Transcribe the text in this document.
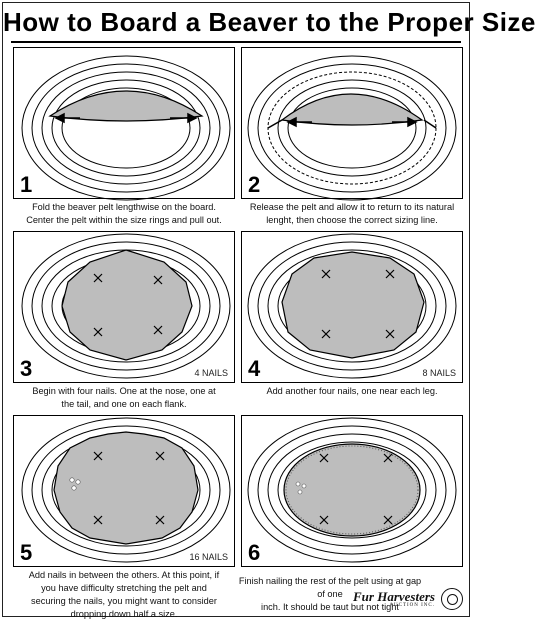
How to Board a Beaver to the Proper Size
1
Fold the beaver pelt lengthwise on the board.
Center the pelt within the size rings and pull out.
2
Release the pelt and allow it to return to its natural
lenght, then choose the correct sizing line.
3	4 NAILS
Begin with four nails. One at the nose, one at
the tail, and one on each flank.
4	8 NAILS
Add another four nails, one near each leg.
5	16 NAILS
Add nails in between the others. At this point, if
you have difficulty stretching the pelt and
securing the nails, you might want to consider
dropping down half a size.
6
Finish nailing the rest of the pelt using at gap of one
inch. It should be taut but not tight
Fur Harvesters
AUCTION INC.
